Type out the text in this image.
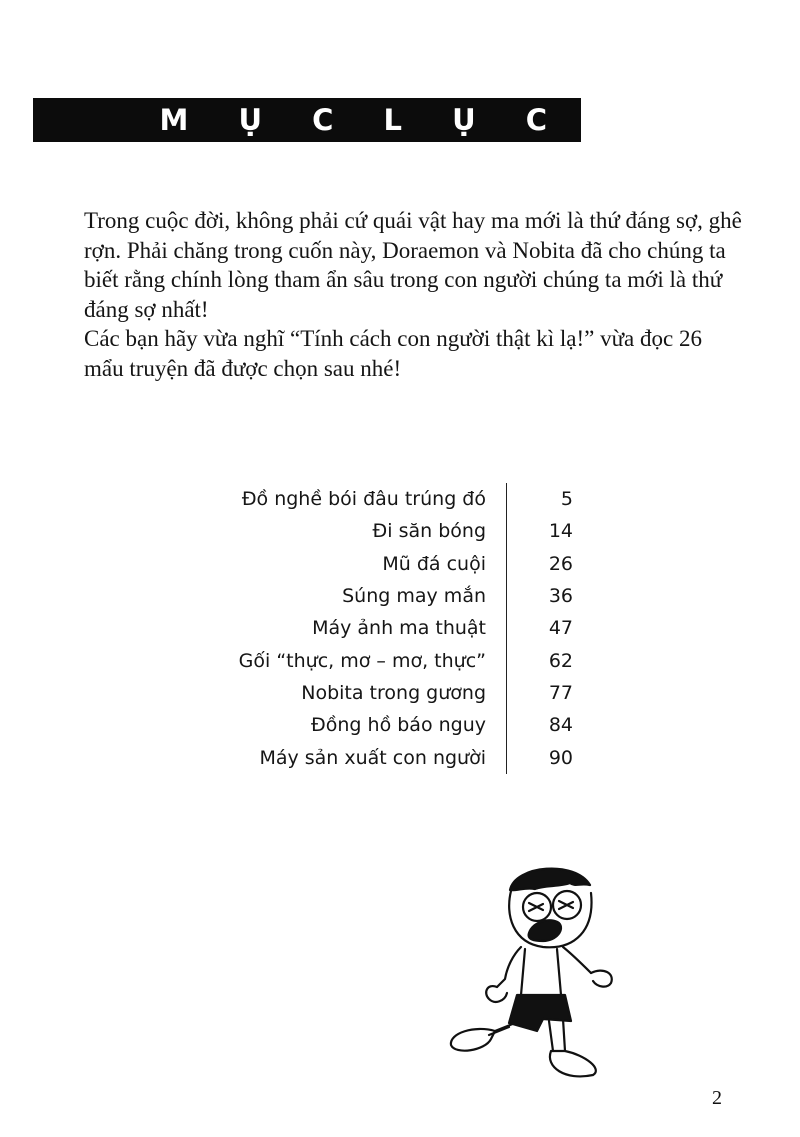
M Ụ C L Ụ C

Trong cuộc đời, không phải cứ quái vật hay ma mới là thứ đáng sợ, ghê rợn. Phải chăng trong cuốn này, Doraemon và Nobita đã cho chúng ta biết rằng chính lòng tham ẩn sâu trong con người chúng ta mới là thứ đáng sợ nhất!

Các bạn hãy vừa nghĩ “Tính cách con người thật kì lạ!” vừa đọc 26 mẩu truyện đã được chọn sau nhé!

Đồ nghề bói đâu trúng đó	5
Đi săn bóng	14
Mũ đá cuội	26
Súng may mắn	36
Máy ảnh ma thuật	47
Gối “thực, mơ – mơ, thực”	62
Nobita trong gương	77
Đồng hồ báo nguy	84
Máy sản xuất con người	90
2
